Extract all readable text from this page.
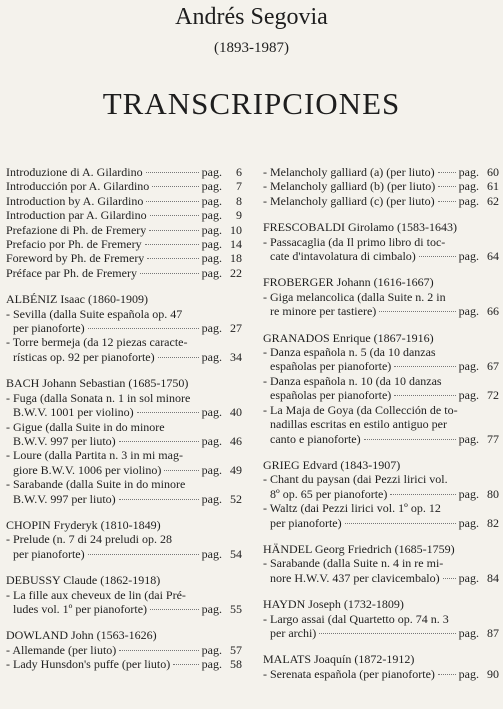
Andrés Segovia
(1893-1987)
TRANSCRIPCIONES
Introduzione di A. Gilardino	pag.	6
Introducción por A. Gilardino	pag.	7
Introduction by A. Gilardino	pag.	8
Introduction par A. Gilardino	pag.	9
Prefazione di Ph. de Fremery	pag. 10
Prefacio por Ph. de Fremery	pag. 14
Foreword by Ph. de Fremery	pag. 18
Préface par Ph. de Fremery	pag. 22
ALBÉNIZ Isaac (1860-1909)
- Sevilla (dalla Suite española op. 47
per pianoforte)	pag. 27
- Torre bermeja (da 12 piezas caracte-
rísticas op. 92 per pianoforte)	pag. 34
BACH Johann Sebastian (1685-1750)
- Fuga (dalla Sonata n. 1 in sol minore
B.W.V. 1001 per violino)	pag. 40
- Gigue (dalla Suite in do minore
B.W.V. 997 per liuto)	pag. 46
- Loure (dalla Partita n. 3 in mi mag-
giore B.W.V. 1006 per violino)	pag. 49
- Sarabande (dalla Suite in do minore
B.W.V. 997 per liuto)	pag. 52
CHOPIN Fryderyk (1810-1849)
- Prelude (n. 7 di 24 preludi op. 28
per pianoforte)	pag. 54
DEBUSSY Claude (1862-1918)
- La fille aux cheveux de lin (dai Pré-
ludes vol. 1º per pianoforte)	pag. 55
DOWLAND John (1563-1626)
- Allemande (per liuto)	pag. 57
- Lady Hunsdon's puffe (per liuto)	pag. 58
- Melancholy galliard (a) (per liuto) pag. 60
- Melancholy galliard (b) (per liuto) pag. 61
- Melancholy galliard (c) (per liuto) pag. 62
FRESCOBALDI Girolamo (1583-1643)
- Passacaglia (da Il primo libro di toc-
cate d'intavolatura di cimbalo)	pag. 64
FROBERGER Johann (1616-1667)
- Giga melancolica (dalla Suite n. 2 in
re minore per tastiere)	pag. 66
GRANADOS Enrique (1867-1916)
- Danza española n. 5 (da 10 danzas
españolas per pianoforte)	pag. 67
- Danza española n. 10 (da 10 danzas
españolas per pianoforte)	pag. 72
- La Maja de Goya (da Collección de to-
nadillas escritas en estilo antiguo per
canto e pianoforte)	pag. 77
GRIEG Edvard (1843-1907)
- Chant du paysan (dai Pezzi lirici vol.
8º op. 65 per pianoforte)	pag. 80
- Waltz (dai Pezzi lirici vol. 1º op. 12
per pianoforte)	pag. 82
HÄNDEL Georg Friedrich (1685-1759)
- Sarabande (dalla Suite n. 4 in re mi-
nore H.W.V. 437 per clavicembalo) pag. 84
HAYDN Joseph (1732-1809)
- Largo assai (dal Quartetto op. 74 n. 3
per archi)	pag. 87
MALATS Joaquín (1872-1912)
- Serenata española (per pianoforte) pag. 90
